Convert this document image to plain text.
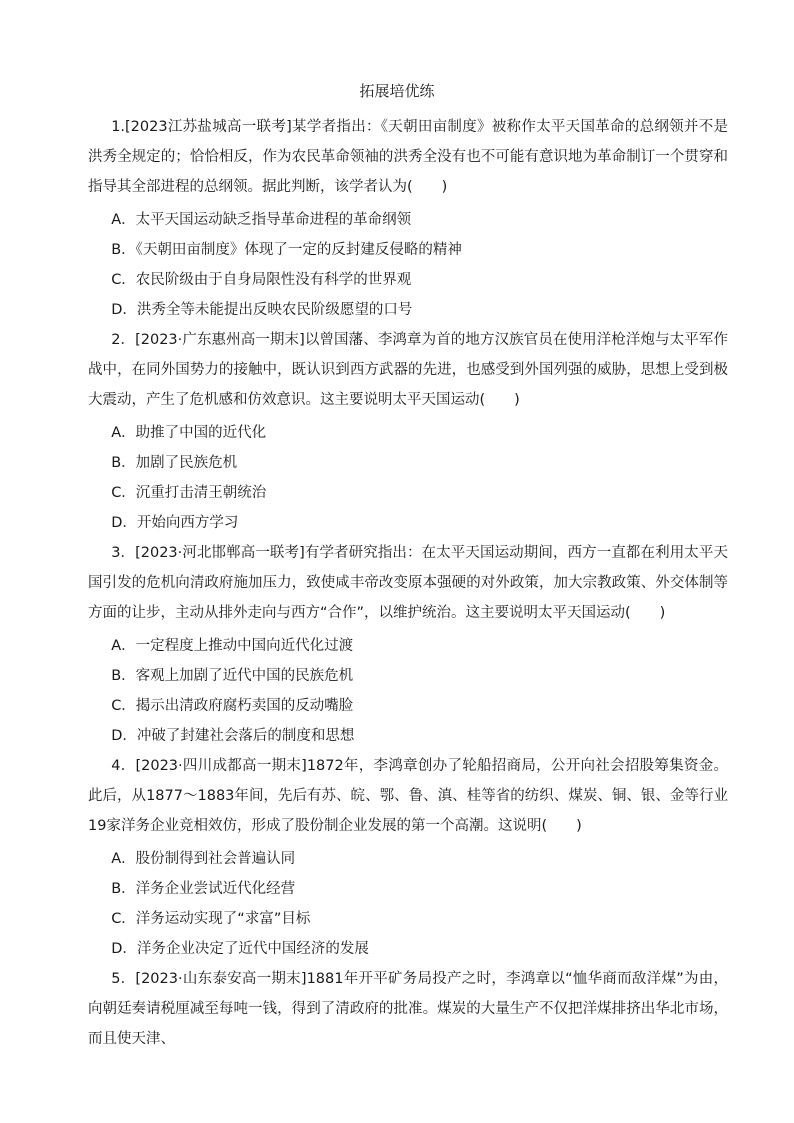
拓展培优练

1.[2023江苏盐城高一联考]某学者指出：《天朝田亩制度》被称作太平天国革命的总纲领并不是洪秀全规定的；恰恰相反，作为农民革命领袖的洪秀全没有也不可能有意识地为革命制订一个贯穿和指导其全部进程的总纲领。据此判断，该学者认为(　　)

A．太平天国运动缺乏指导革命进程的革命纲领
B．《天朝田亩制度》体现了一定的反封建反侵略的精神
C．农民阶级由于自身局限性没有科学的世界观
D．洪秀全等未能提出反映农民阶级愿望的口号

2．[2023·广东惠州高一期末]以曾国藩、李鸿章为首的地方汉族官员在使用洋枪洋炮与太平军作战中，在同外国势力的接触中，既认识到西方武器的先进，也感受到外国列强的威胁，思想上受到极大震动，产生了危机感和仿效意识。这主要说明太平天国运动(　　)

A．助推了中国的近代化
B．加剧了民族危机
C．沉重打击清王朝统治
D．开始向西方学习

3．[2023·河北邯郸高一联考]有学者研究指出：在太平天国运动期间，西方一直都在利用太平天国引发的危机向清政府施加压力，致使咸丰帝改变原本强硬的对外政策，加大宗教政策、外交体制等方面的让步，主动从排外走向与西方“合作”，以维护统治。这主要说明太平天国运动(　　)

A．一定程度上推动中国向近代化过渡
B．客观上加剧了近代中国的民族危机
C．揭示出清政府腐朽卖国的反动嘴脸
D．冲破了封建社会落后的制度和思想

4．[2023·四川成都高一期末]1872年，李鸿章创办了轮船招商局，公开向社会招股筹集资金。此后，从1877～1883年间，先后有苏、皖、鄂、鲁、滇、桂等省的纺织、煤炭、铜、银、金等行业19家洋务企业竞相效仿，形成了股份制企业发展的第一个高潮。这说明(　　)

A．股份制得到社会普遍认同
B．洋务企业尝试近代化经营
C．洋务运动实现了“求富”目标
D．洋务企业决定了近代中国经济的发展

5．[2023·山东泰安高一期末]1881年开平矿务局投产之时，李鸿章以“恤华商而敌洋煤”为由，向朝廷奏请税厘减至每吨一钱，得到了清政府的批准。煤炭的大量生产不仅把洋煤排挤出华北市场，而且使天津、
